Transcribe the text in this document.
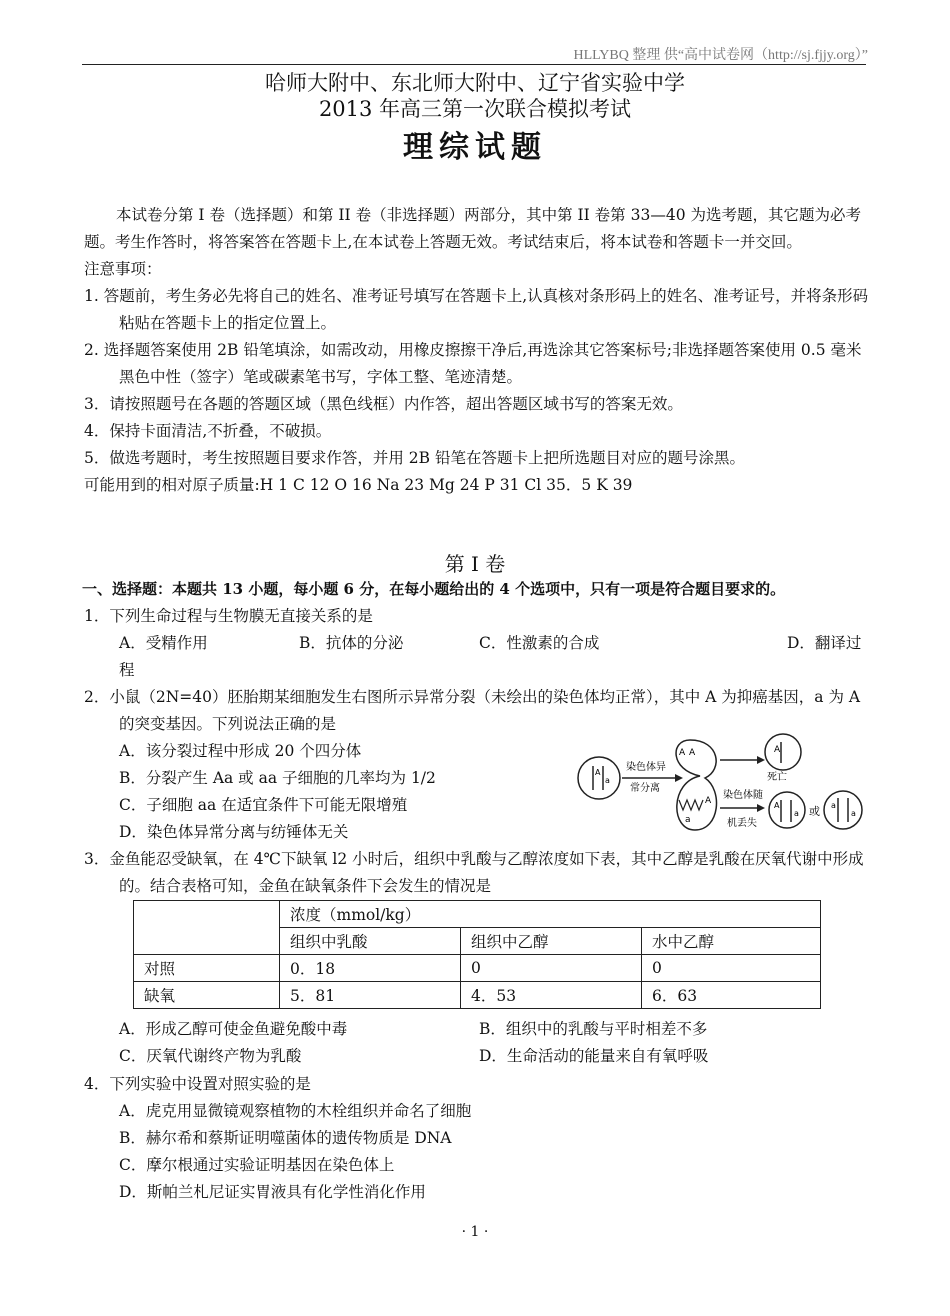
HLLYBQ 整理 供“高中试卷网（http://sj.fjjy.org）”
哈师大附中、东北师大附中、辽宁省实验中学
2013 年高三第一次联合模拟考试
理综试题

本试卷分第 I 卷（选择题）和第 II 卷（非选择题）两部分，其中第 II 卷第 33—40 为选考题，其它题为必考题。考生作答时，将答案答在答题卡上,在本试卷上答题无效。考试结束后，将本试卷和答题卡一并交回。

注意事项：

1. 答题前，考生务必先将自己的姓名、准考证号填写在答题卡上,认真核对条形码上的姓名、准考证号，并将条形码粘贴在答题卡上的指定位置上。

2. 选择题答案使用 2B 铅笔填涂，如需改动，用橡皮擦擦干净后,再选涂其它答案标号;非选择题答案使用 0.5 毫米黑色中性（签字）笔或碳素笔书写，字体工整、笔迹清楚。

3．请按照题号在各题的答题区域（黑色线框）内作答，超出答题区域书写的答案无效。

4．保持卡面清洁,不折叠，不破损。

5．做选考题时，考生按照题目要求作答，并用 2B 铅笔在答题卡上把所选题目对应的题号涂黑。

可能用到的相对原子质量:H 1 C 12 O 16 Na 23 Mg 24 P 31 Cl 35．5 K 39

第 I 卷
一、选择题：本题共 13 小题，每小题 6 分，在每小题给出的 4 个选项中，只有一项是符合题目要求的。
1．下列生命过程与生物膜无直接关系的是
A．受精作用	B．抗体的分泌	C．性激素的合成	D．翻译过
程
2．小鼠（2N=40）胚胎期某细胞发生右图所示异常分裂（未绘出的染色体均正常），其中 A 为抑癌基因，a 为 A 的突变基因。下列说法正确的是
A．该分裂过程中形成 20 个四分体
B．分裂产生 Aa 或 aa 子细胞的几率均为 1/2
C．子细胞 aa 在适宜条件下可能无限增殖
D．染色体异常分离与纺锤体无关
A
a
染色体异
常分离
A A
a
A
A
死亡
染色体随
机丢失
A
a 或 a
a
3．金鱼能忍受缺氧，在 4℃下缺氧 l2 小时后，组织中乳酸与乙醇浓度如下表，其中乙醇是乳酸在厌氧代谢中形成的。结合表格可知，金鱼在缺氧条件下会发生的情况是
	浓度（mmol/kg）		
	组织中乳酸	组织中乙醇	水中乙醇
对照	0．18	0	0
缺氧	5．81	4．53	6．63
A．形成乙醇可使金鱼避免酸中毒	B．组织中的乳酸与平时相差不多
C．厌氧代谢终产物为乳酸	D．生命活动的能量来自有氧呼吸
4．下列实验中设置对照实验的是
A．虎克用显微镜观察植物的木栓组织并命名了细胞
B．赫尔希和蔡斯证明噬菌体的遗传物质是 DNA
C．摩尔根通过实验证明基因在染色体上
D．斯帕兰札尼证实胃液具有化学性消化作用
· 1 ·
